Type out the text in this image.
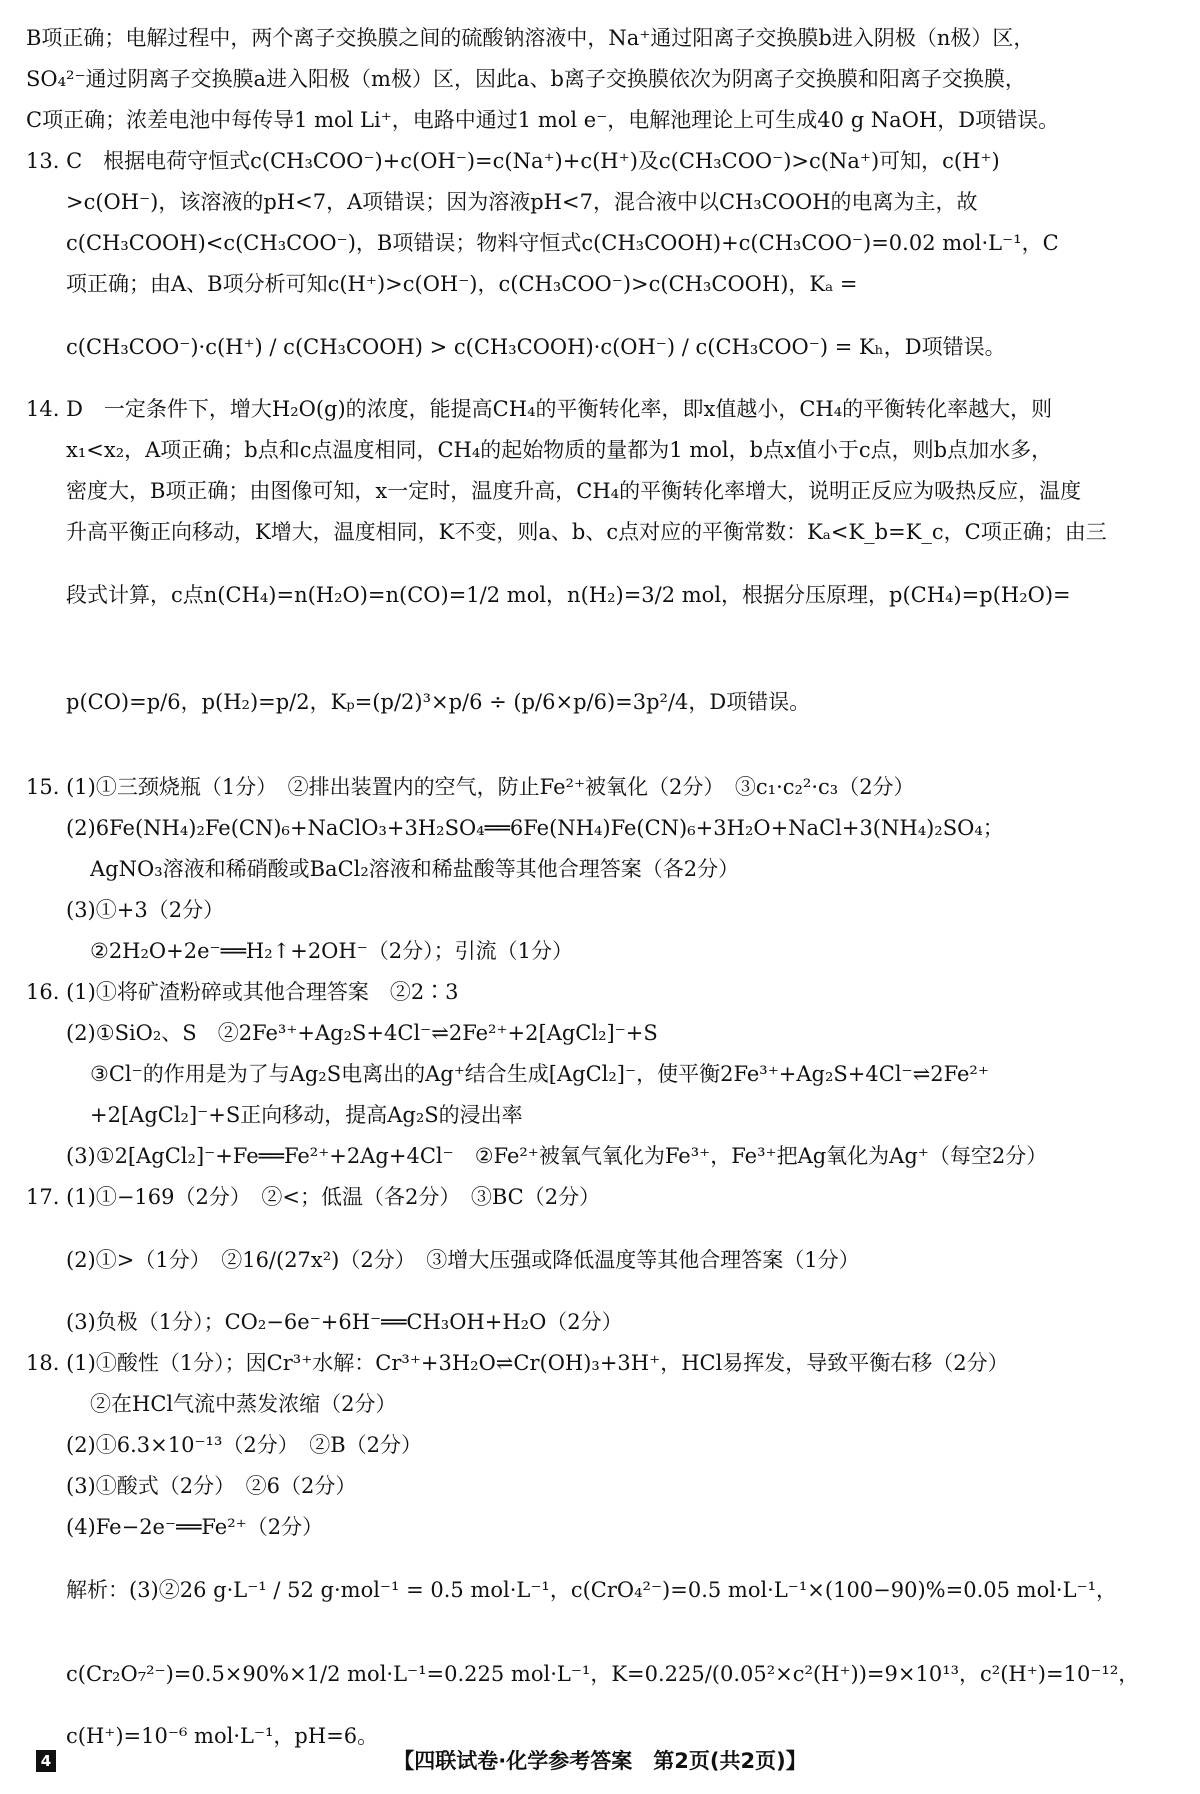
B项正确；电解过程中，两个离子交换膜之间的硫酸钠溶液中，Na⁺通过阳离子交换膜b进入阴极（n极）区，
SO₄²⁻通过阴离子交换膜a进入阳极（m极）区，因此a、b离子交换膜依次为阴离子交换膜和阳离子交换膜，
C项正确；浓差电池中每传导1 mol Li⁺，电路中通过1 mol e⁻，电解池理论上可生成40 g NaOH，D项错误。
13. C　根据电荷守恒式c(CH₃COO⁻)+c(OH⁻)=c(Na⁺)+c(H⁺)及c(CH₃COO⁻)>c(Na⁺)可知，c(H⁺)
>c(OH⁻)，该溶液的pH<7，A项错误；因为溶液pH<7，混合液中以CH₃COOH的电离为主，故
c(CH₃COOH)<c(CH₃COO⁻)，B项错误；物料守恒式c(CH₃COOH)+c(CH₃COO⁻)=0.02 mol·L⁻¹，C
项正确；由A、B项分析可知c(H⁺)>c(OH⁻)，c(CH₃COO⁻)>c(CH₃COOH)，Kₐ =
c(CH₃COO⁻)·c(H⁺) / c(CH₃COOH) > c(CH₃COOH)·c(OH⁻) / c(CH₃COO⁻) = Kₕ，D项错误。
14. D　一定条件下，增大H₂O(g)的浓度，能提高CH₄的平衡转化率，即x值越小，CH₄的平衡转化率越大，则
x₁<x₂，A项正确；b点和c点温度相同，CH₄的起始物质的量都为1 mol，b点x值小于c点，则b点加水多，
密度大，B项正确；由图像可知，x一定时，温度升高，CH₄的平衡转化率增大，说明正反应为吸热反应，温度
升高平衡正向移动，K增大，温度相同，K不变，则a、b、c点对应的平衡常数：Kₐ<K_b=K_c，C项正确；由三
段式计算，c点n(CH₄)=n(H₂O)=n(CO)=1/2 mol，n(H₂)=3/2 mol，根据分压原理，p(CH₄)=p(H₂O)=
p(CO)=p/6，p(H₂)=p/2，Kₚ=(p/2)³×p/6 ÷ (p/6×p/6)=3p²/4，D项错误。
15. (1)①三颈烧瓶（1分）　②排出装置内的空气，防止Fe²⁺被氧化（2分）　③c₁·c₂²·c₃（2分）
(2)6Fe(NH₄)₂Fe(CN)₆+NaClO₃+3H₂SO₄══6Fe(NH₄)Fe(CN)₆+3H₂O+NaCl+3(NH₄)₂SO₄；
AgNO₃溶液和稀硝酸或BaCl₂溶液和稀盐酸等其他合理答案（各2分）
(3)①+3（2分）
②2H₂O+2e⁻══H₂↑+2OH⁻（2分）；引流（1分）
16. (1)①将矿渣粉碎或其他合理答案　②2∶3
(2)①SiO₂、S　②2Fe³⁺+Ag₂S+4Cl⁻⇌2Fe²⁺+2[AgCl₂]⁻+S
③Cl⁻的作用是为了与Ag₂S电离出的Ag⁺结合生成[AgCl₂]⁻，使平衡2Fe³⁺+Ag₂S+4Cl⁻⇌2Fe²⁺
+2[AgCl₂]⁻+S正向移动，提高Ag₂S的浸出率
(3)①2[AgCl₂]⁻+Fe══Fe²⁺+2Ag+4Cl⁻　②Fe²⁺被氧气氧化为Fe³⁺，Fe³⁺把Ag氧化为Ag⁺（每空2分）
17. (1)①−169（2分）　②<；低温（各2分）　③BC（2分）
(2)①>（1分）　②16/(27x²)（2分）　③增大压强或降低温度等其他合理答案（1分）
(3)负极（1分）；CO₂−6e⁻+6H⁻══CH₃OH+H₂O（2分）
18. (1)①酸性（1分）；因Cr³⁺水解：Cr³⁺+3H₂O⇌Cr(OH)₃+3H⁺，HCl易挥发，导致平衡右移（2分）
②在HCl气流中蒸发浓缩（2分）
(2)①6.3×10⁻¹³（2分）　②B（2分）
(3)①酸式（2分）　②6（2分）
(4)Fe−2e⁻══Fe²⁺（2分）
解析：(3)②26 g·L⁻¹ / 52 g·mol⁻¹ = 0.5 mol·L⁻¹，c(CrO₄²⁻)=0.5 mol·L⁻¹×(100−90)%=0.05 mol·L⁻¹，
c(Cr₂O₇²⁻)=0.5×90%×1/2 mol·L⁻¹=0.225 mol·L⁻¹，K=0.225/(0.05²×c²(H⁺))=9×10¹³，c²(H⁺)=10⁻¹²，
c(H⁺)=10⁻⁶ mol·L⁻¹，pH=6。
4	【四联试卷·化学参考答案　第2页(共2页)】
